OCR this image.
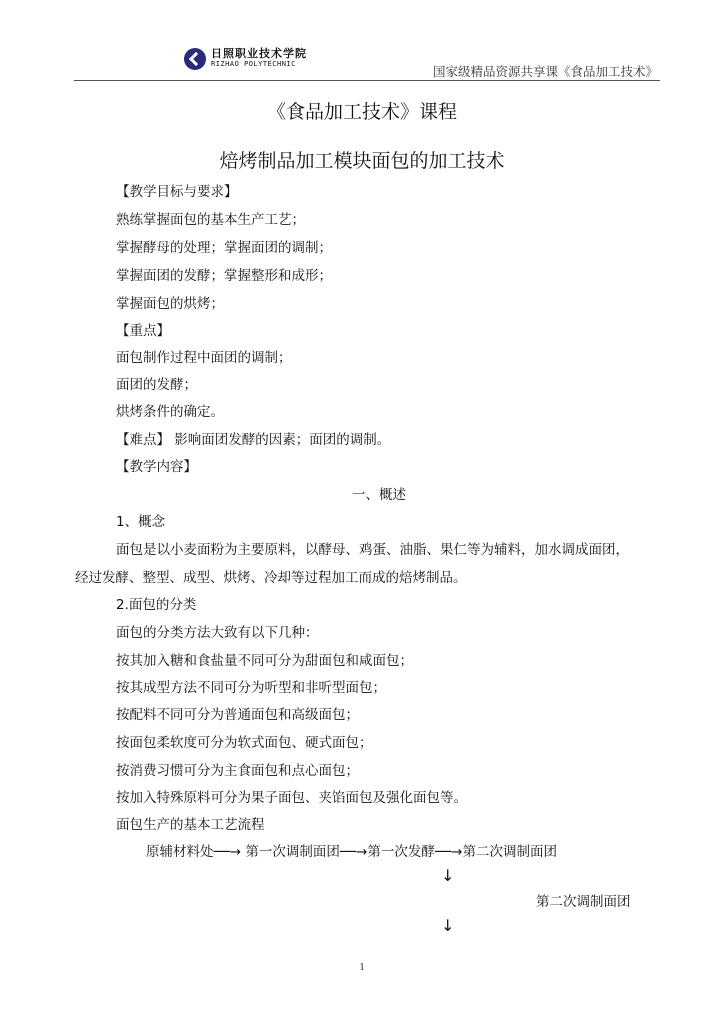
日照职业技术学院
RIZHAO POLYTECHNIC	国家级精品资源共享课《食品加工技术》
《食品加工技术》课程
焙烤制品加工模块面包的加工技术
【教学目标与要求】
熟练掌握面包的基本生产工艺；
掌握酵母的处理；掌握面团的调制；
掌握面团的发酵；掌握整形和成形；
掌握面包的烘烤；
【重点】
面包制作过程中面团的调制；
面团的发酵；
烘烤条件的确定。
【难点】 影响面团发酵的因素；面团的调制。
【教学内容】
一、概述
1、概念
面包是以小麦面粉为主要原料，以酵母、鸡蛋、油脂、果仁等为辅料，加水调成面团，
经过发酵、整型、成型、烘烤、冷却等过程加工而成的焙烤制品。
2.面包的分类
面包的分类方法大致有以下几种：
按其加入糖和食盐量不同可分为甜面包和咸面包；
按其成型方法不同可分为听型和非听型面包；
按配料不同可分为普通面包和高级面包；
按面包柔软度可分为软式面包、硬式面包；
按消费习惯可分为主食面包和点心面包；
按加入特殊原料可分为果子面包、夹馅面包及强化面包等。
面包生产的基本工艺流程
原辅材料处──→ 第一次调制面团──→第一次发酵──→第二次调制面团
↓
第二次调制面团
↓
1
